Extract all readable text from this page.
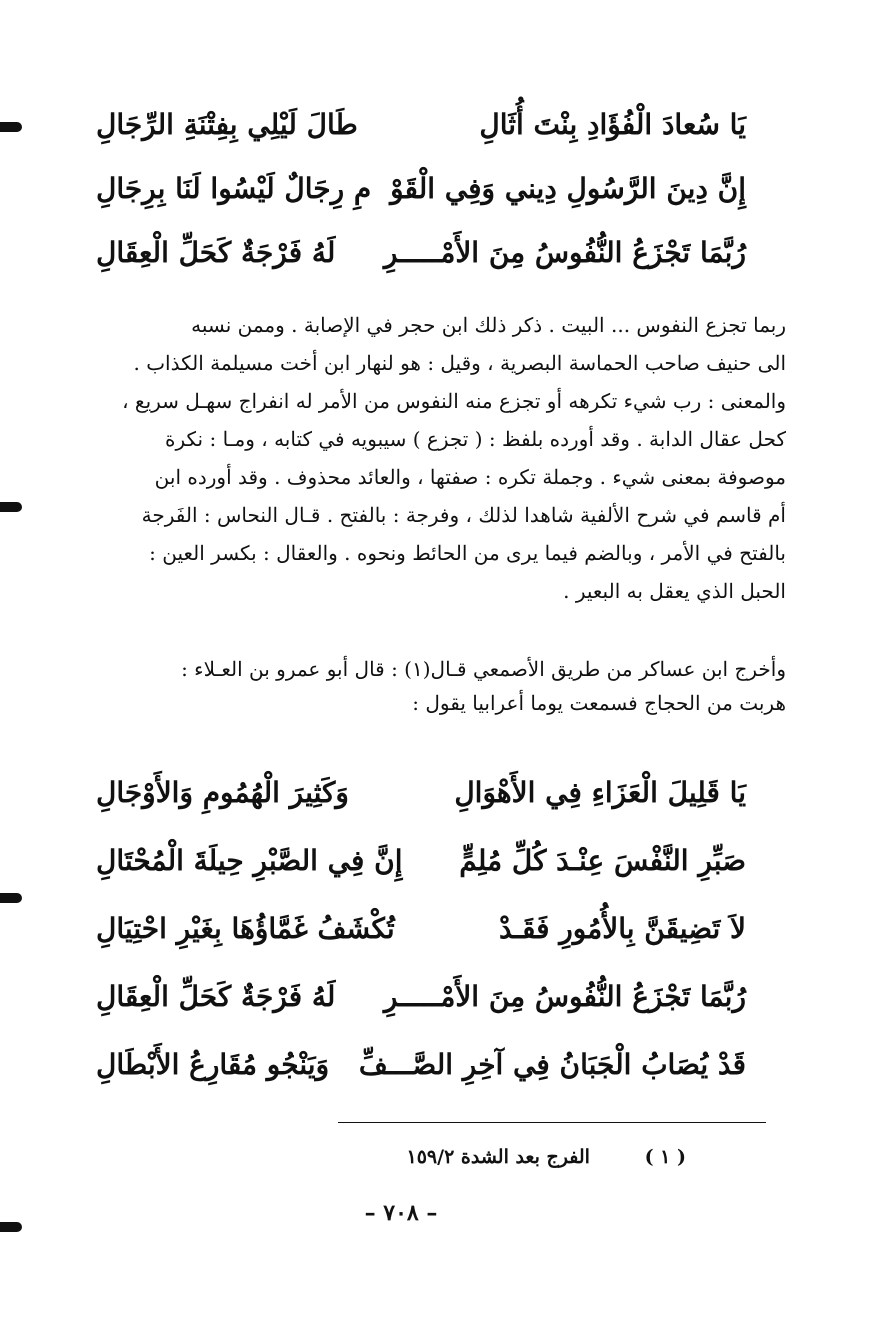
يَا سُعادَ الْفُؤَادِ بِنْتَ أُثَالِ
طَالَ لَيْلِي بِفِتْنَةِ الرِّجَالِ
إِنَّ دِينَ الرَّسُولِ دِيني وَفِي الْقَوْ
مِ رِجَالٌ لَيْسُوا لَنَا بِرِجَالِ
رُبَّمَا تَجْزَعُ النُّفُوسُ مِنَ الأَمْـــــرِ
لَهُ فَرْجَةٌ كَحَلِّ الْعِقَالِ
ربما تجزع النفوس ... البيت . ذكر ذلك ابن حجر في الإصابة . وممن نسبه
الى حنيف صاحب الحماسة البصرية ، وقيل : هو لنهار ابن أخت مسيلمة الكذاب .
والمعنى : رب شيء تكرهه أو تجزع منه النفوس من الأمر له انفراج سهـل سريع ،
كحل عقال الدابة . وقد أورده بلفظ : ( تجزع ) سيبويه في كتابه ، ومـا : نكرة
موصوفة بمعنى شيء . وجملة تكره : صفتها ، والعائد محذوف . وقد أورده ابن
أم قاسم في شرح الألفية شاهدا لذلك ، وفرجة : بالفتح . قـال النحاس : الفَرجة
بالفتح في الأمر ، وبالضم فيما يرى من الحائط ونحوه . والعقال : بكسر العين :
الحبل الذي يعقل به البعير .
وأخرج ابن عساكر من طريق الأصمعي قـال(١) : قال أبو عمرو بن العـلاء :
هربت من الحجاج فسمعت يوما أعرابيا يقول :
يَا قَلِيلَ الْعَزَاءِ فِي الأَهْوَالِ
وَكَثِيرَ الْهُمُومِ وَالأَوْجَالِ
صَبِّرِ النَّفْسَ عِنْـدَ كُلِّ مُلِمٍّ
إِنَّ فِي الصَّبْرِ حِيلَةَ الْمُحْتَالِ
لاَ تَضِيقَنَّ بِالأُمُورِ فَقَـدْ
تُكْشَفُ غَمَّاؤُهَا بِغَيْرِ احْتِيَالِ
رُبَّمَا تَجْزَعُ النُّفُوسُ مِنَ الأَمْـــــرِ
لَهُ فَرْجَةٌ كَحَلِّ الْعِقَالِ
قَدْ يُصَابُ الْجَبَانُ فِي آخِرِ الصَّـــفِّ
وَيَنْجُو مُقَارِعُ الأَبْطَالِ
( ١ ) الفرج بعد الشدة ١٥٩/٢
– ٧٠٨ –
